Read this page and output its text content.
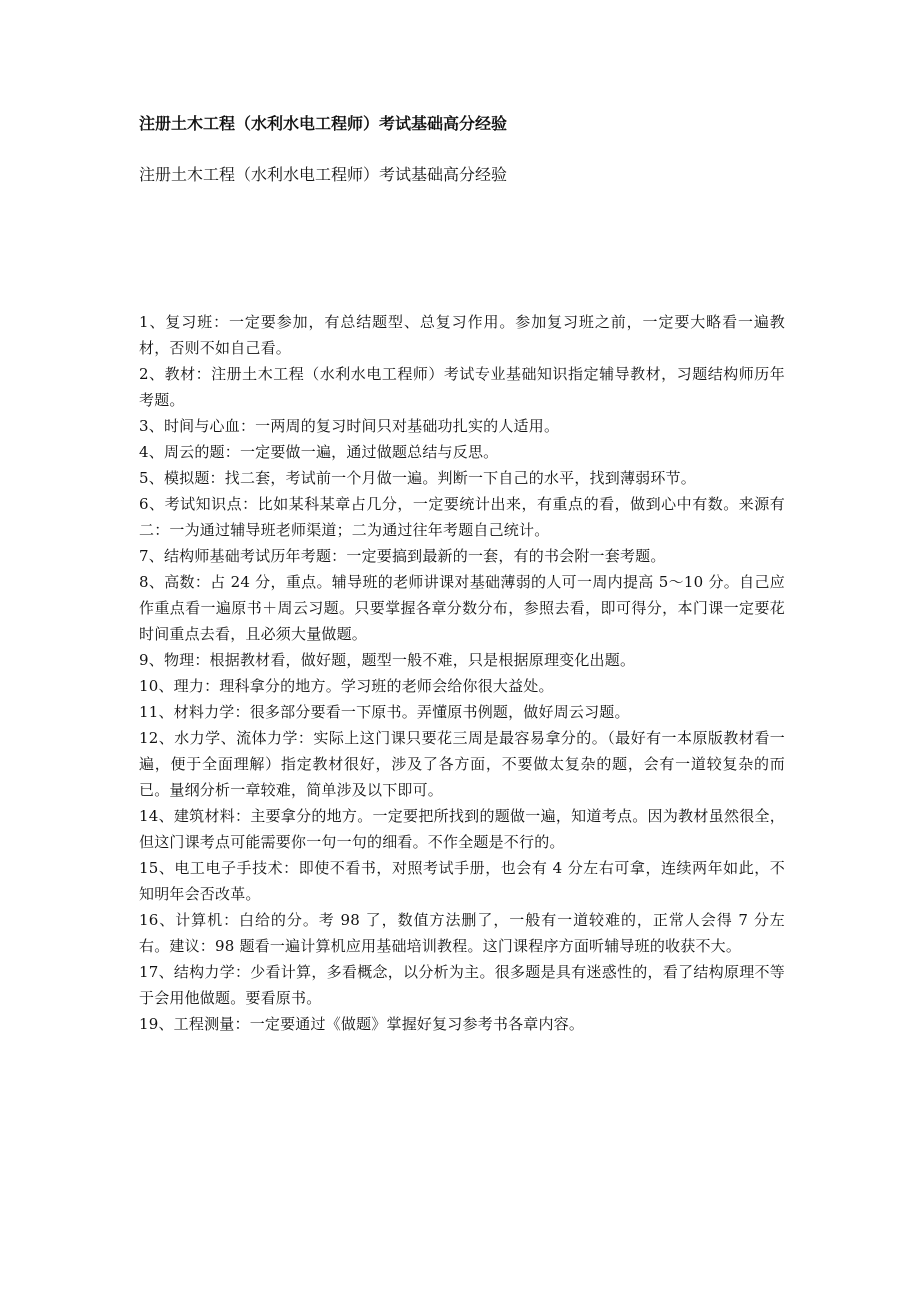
注册土木工程（水利水电工程师）考试基础高分经验
注册土木工程（水利水电工程师）考试基础高分经验

1、复习班：一定要参加，有总结题型、总复习作用。参加复习班之前，一定要大略看一遍教材，否则不如自己看。

2、教材：注册土木工程（水利水电工程师）考试专业基础知识指定辅导教材，习题结构师历年考题。

3、时间与心血：一两周的复习时间只对基础功扎实的人适用。

4、周云的题：一定要做一遍，通过做题总结与反思。

5、模拟题：找二套，考试前一个月做一遍。判断一下自己的水平，找到薄弱环节。

6、考试知识点：比如某科某章占几分，一定要统计出来，有重点的看，做到心中有数。来源有二：一为通过辅导班老师渠道；二为通过往年考题自己统计。

7、结构师基础考试历年考题：一定要搞到最新的一套，有的书会附一套考题。

8、高数：占 24 分，重点。辅导班的老师讲课对基础薄弱的人可一周内提高 5～10 分。自己应作重点看一遍原书＋周云习题。只要掌握各章分数分布，参照去看，即可得分，本门课一定要花时间重点去看，且必须大量做题。

9、物理：根据教材看，做好题，题型一般不难，只是根据原理变化出题。

10、理力：理科拿分的地方。学习班的老师会给你很大益处。

11、材料力学：很多部分要看一下原书。弄懂原书例题，做好周云习题。

12、水力学、流体力学：实际上这门课只要花三周是最容易拿分的。（最好有一本原版教材看一遍，便于全面理解）指定教材很好，涉及了各方面，不要做太复杂的题，会有一道较复杂的而已。量纲分析一章较难，简单涉及以下即可。

14、建筑材料：主要拿分的地方。一定要把所找到的题做一遍，知道考点。因为教材虽然很全，但这门课考点可能需要你一句一句的细看。不作全题是不行的。

15、电工电子手技术：即使不看书，对照考试手册，也会有 4 分左右可拿，连续两年如此，不知明年会否改革。

16、计算机：白给的分。考 98 了，数值方法删了，一般有一道较难的，正常人会得 7 分左右。建议：98 题看一遍计算机应用基础培训教程。这门课程序方面听辅导班的收获不大。

17、结构力学：少看计算，多看概念，以分析为主。很多题是具有迷惑性的，看了结构原理不等于会用他做题。要看原书。

19、工程测量：一定要通过《做题》掌握好复习参考书各章内容。
